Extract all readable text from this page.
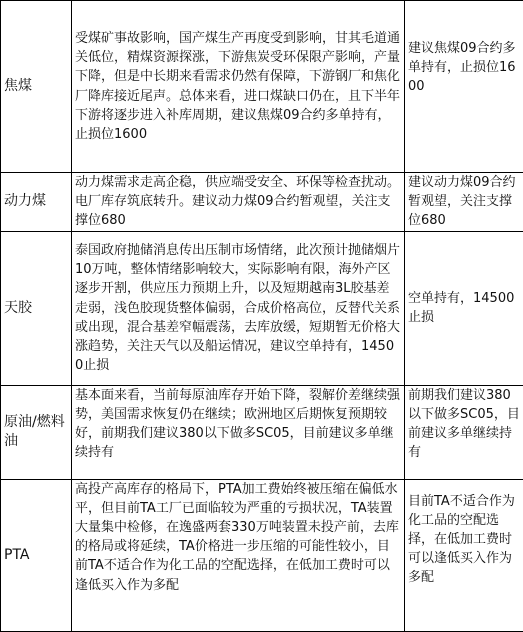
焦煤	受煤矿事故影响，国产煤生产再度受到影响，甘其毛道通关低位，精煤资源探涨，下游焦炭受环保限产影响，产量下降，但是中长期来看需求仍然有保障，下游钢厂和焦化厂降库接近尾声。总体来看，进口煤缺口仍在，且下半年下游将逐步进入补库周期，建议焦煤09合约多单持有，止损位1600	建议焦煤09合约多单持有，止损位1600
动力煤	动力煤需求走高企稳，供应端受安全、环保等检查扰动。电厂库存筑底转升。建议动力煤09合约暂观望，关注支撑位680	建议动力煤09合约暂观望，关注支撑位680
天胶	泰国政府抛储消息传出压制市场情绪，此次预计抛储烟片10万吨，整体情绪影响较大，实际影响有限，海外产区逐步开割，供应压力预期上升，以及短期越南3L胶基差走弱，浅色胶现货整体偏弱，合成价格高位，反替代关系或出现，混合基差窄幅震荡，去库放缓，短期暂无价格大涨趋势，关注天气以及船运情况，建议空单持有，14500止损	空单持有，14500止损
原油/燃料油	基本面来看，当前每原油库存开始下降，裂解价差继续强势，美国需求恢复仍在继续；欧洲地区后期恢复预期较好，前期我们建议380以下做多SC05，目前建议多单继续持有	前期我们建议380以下做多SC05，目前建议多单继续持有
PTA	高投产高库存的格局下，PTA加工费始终被压缩在偏低水平，但目前TA工厂已面临较为严重的亏损状况，TA装置大量集中检修，在逸盛两套330万吨装置未投产前，去库的格局或将延续，TA价格进一步压缩的可能性较小，目前TA不适合作为化工品的空配选择，在低加工费时可以逢低买入作为多配	目前TA不适合作为化工品的空配选择，在低加工费时可以逢低买入作为多配
